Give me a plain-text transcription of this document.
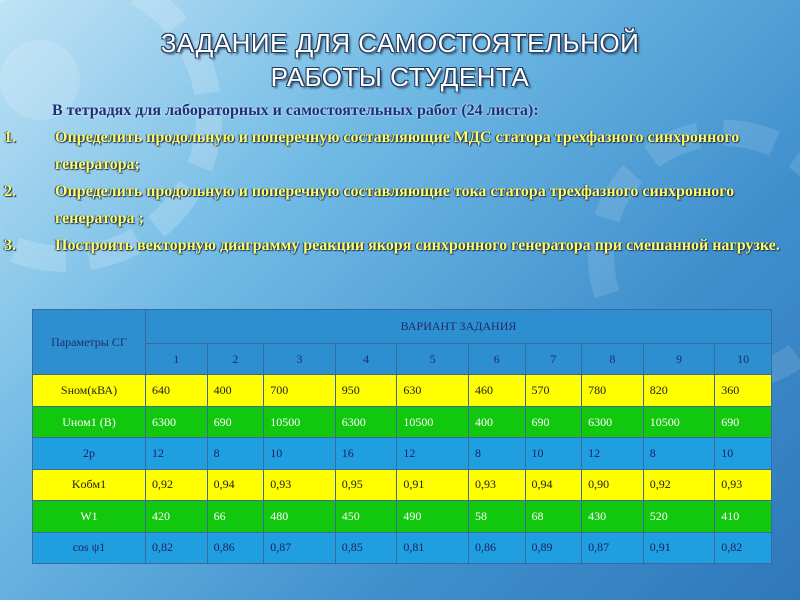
ЗАДАНИЕ ДЛЯ САМОСТОЯТЕЛЬНОЙ
РАБОТЫ СТУДЕНТА
В тетрадях для лабораторных и самостоятельных работ (24 листа):
1. Определить продольную и поперечную составляющие МДС статора трехфазного синхронного генератора;
2. Определить продольную и поперечную составляющие тока статора трехфазного синхронного генератора ;
3. Построить векторную диаграмму реакции якоря синхронного генератора при смешанной нагрузке.
Параметры СГ	ВАРИАНТ ЗАДАНИЯ									
	1	2	3	4	5	6	7	8	9	10
Sном(кВА)	640	400	700	950	630	460	570	780	820	360
Uном1 (В)	6300	690	10500	6300	10500	400	690	6300	10500	690
2p	12	8	10	16	12	8	10	12	8	10
Kобм1	0,92	0,94	0,93	0,95	0,91	0,93	0,94	0,90	0,92	0,93
W1	420	66	480	450	490	58	68	430	520	410
cos ψ1	0,82	0,86	0,87	0,85	0,81	0,86	0,89	0,87	0,91	0,82
